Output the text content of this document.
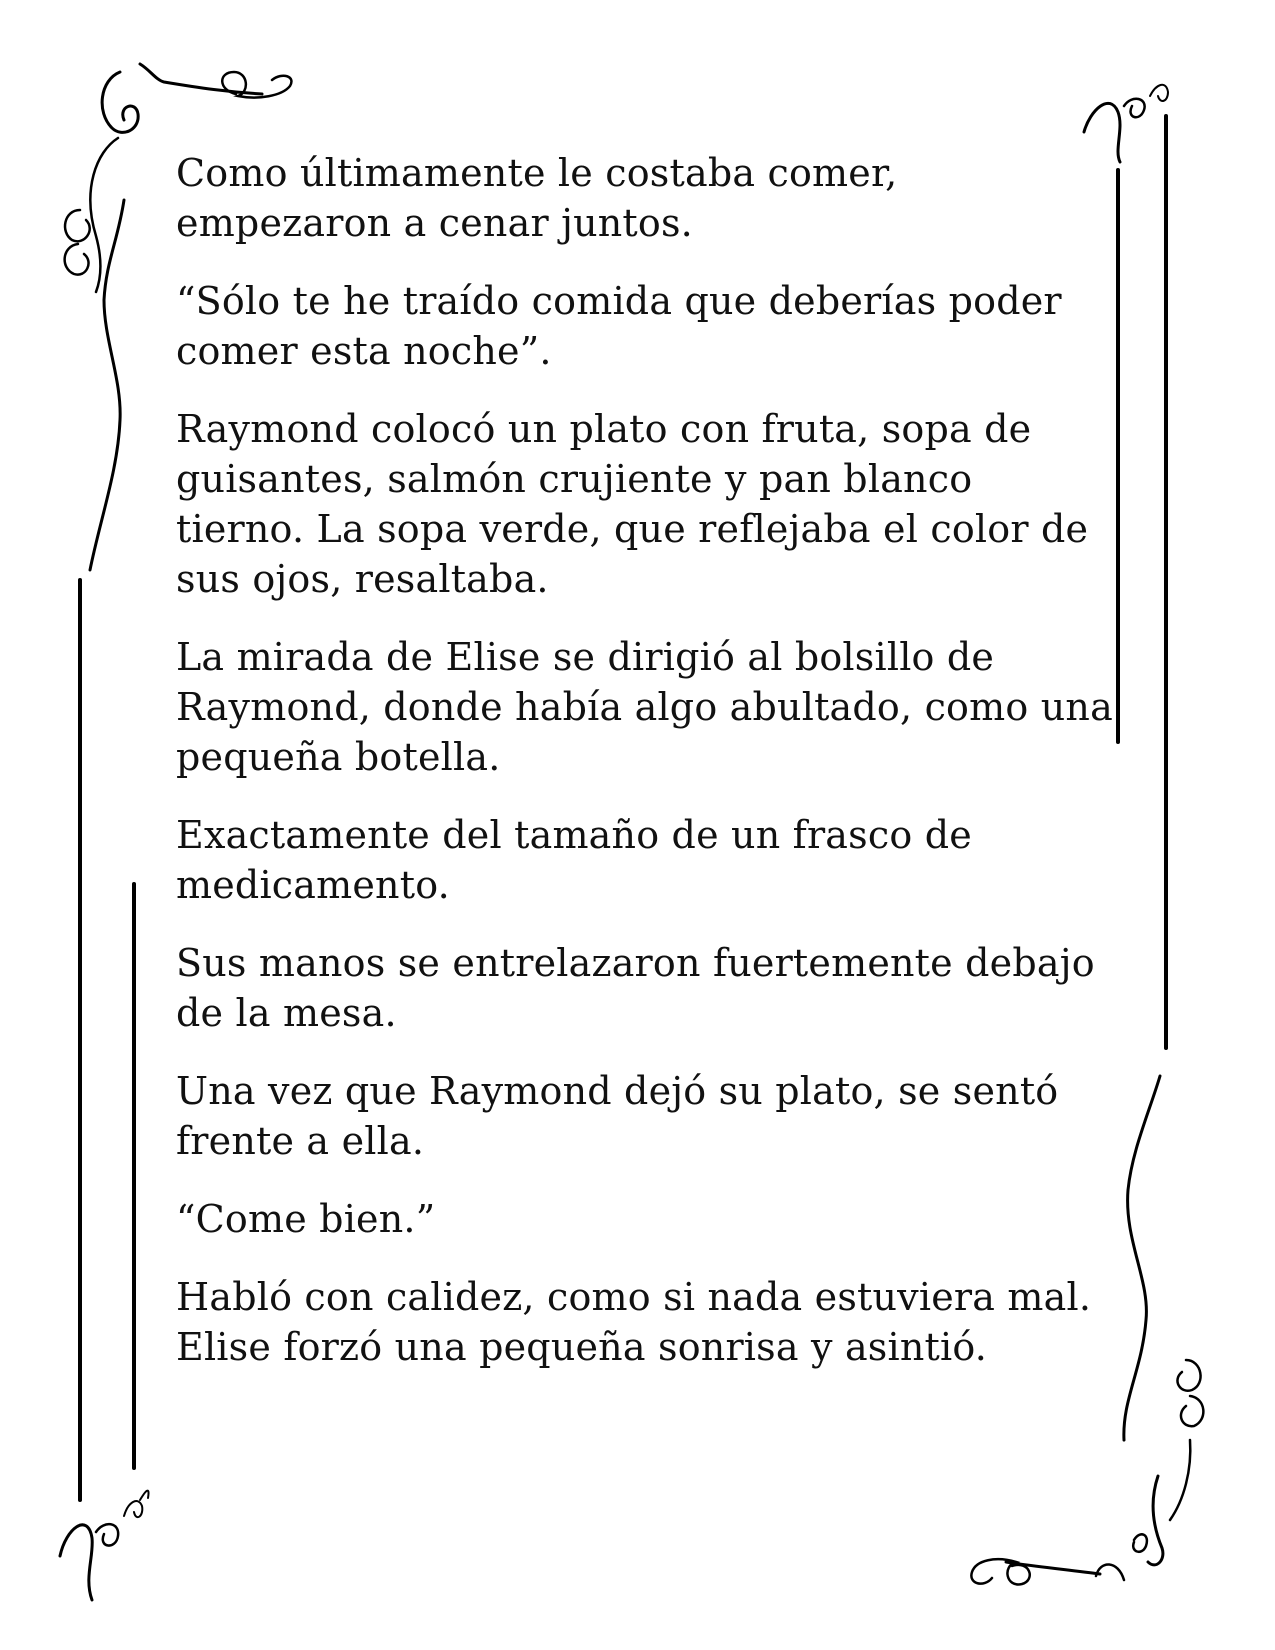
Como últimamente le costaba comer,
empezaron a cenar juntos.

“Sólo te he traído comida que deberías poder
comer esta noche”.

Raymond colocó un plato con fruta, sopa de
guisantes, salmón crujiente y pan blanco
tierno. La sopa verde, que reflejaba el color de
sus ojos, resaltaba.

La mirada de Elise se dirigió al bolsillo de
Raymond, donde había algo abultado, como una
pequeña botella.

Exactamente del tamaño de un frasco de
medicamento.

Sus manos se entrelazaron fuertemente debajo
de la mesa.

Una vez que Raymond dejó su plato, se sentó
frente a ella.

“Come bien.”

Habló con calidez, como si nada estuviera mal.
Elise forzó una pequeña sonrisa y asintió.
